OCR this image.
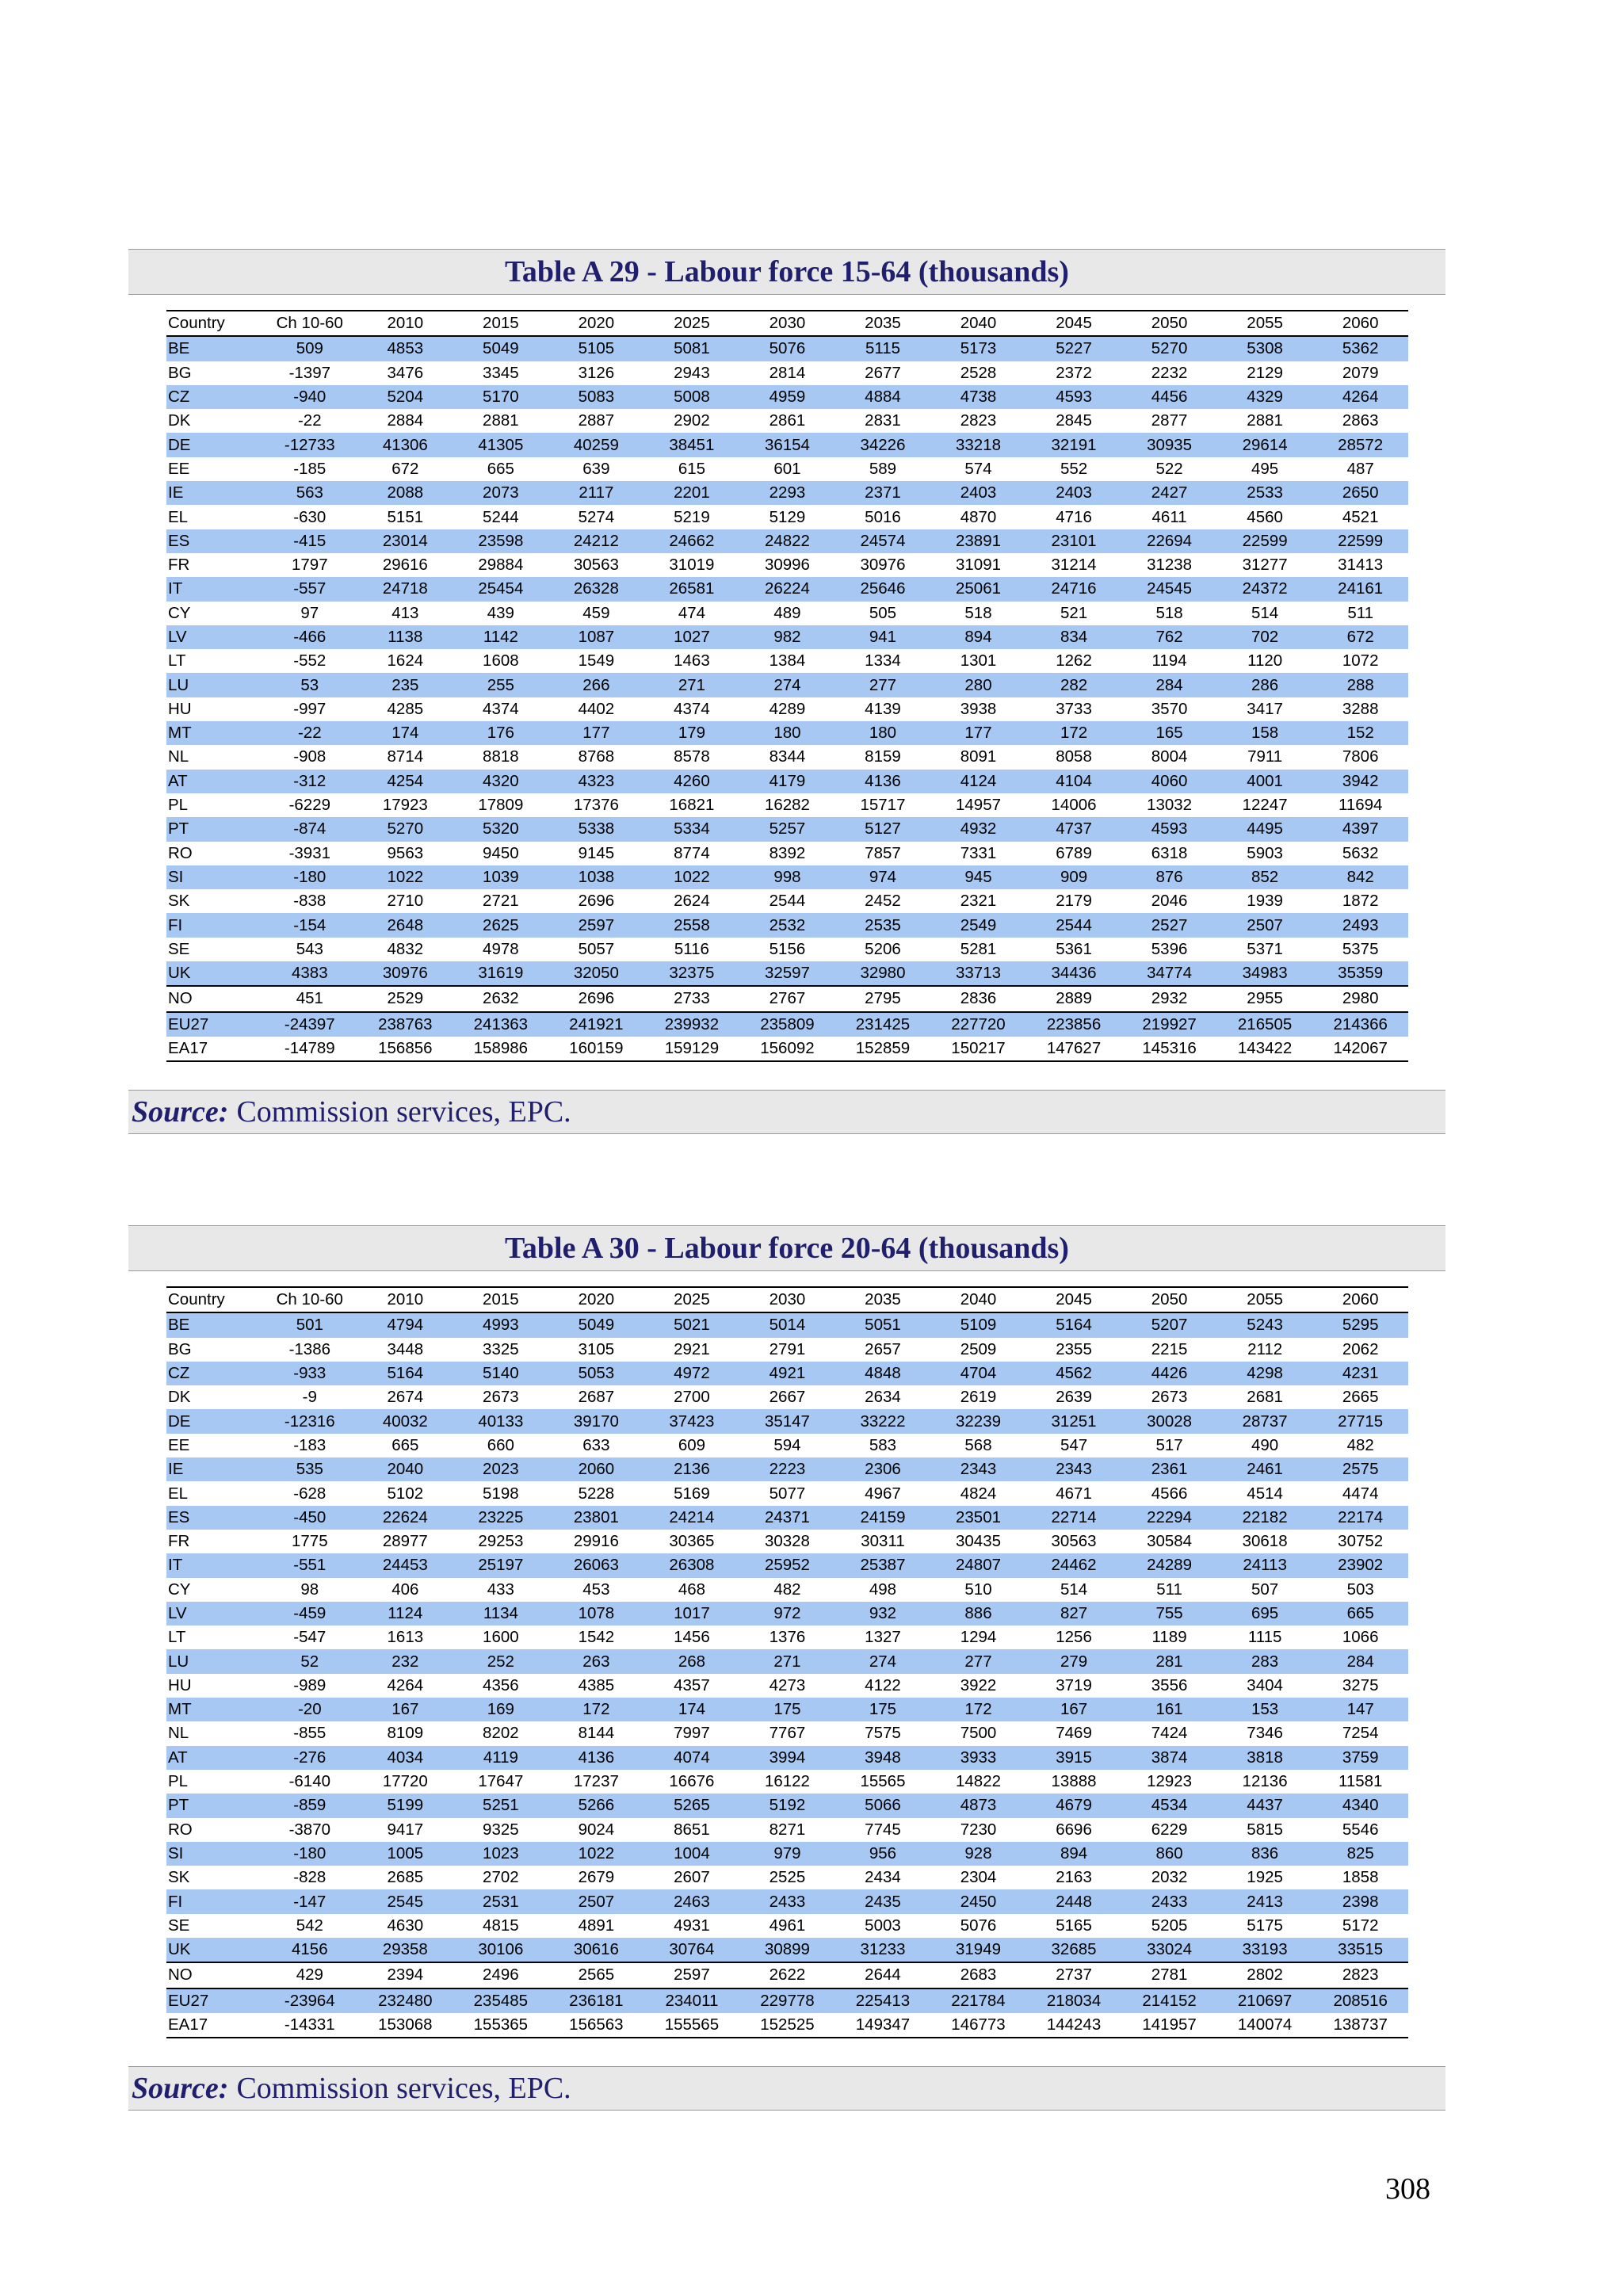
Table A 29 - Labour force 15-64 (thousands)
Country	Ch 10-60	2010	2015	2020	2025	2030	2035	2040	2045	2050	2055	2060
BE	509	4853	5049	5105	5081	5076	5115	5173	5227	5270	5308	5362
BG	-1397	3476	3345	3126	2943	2814	2677	2528	2372	2232	2129	2079
CZ	-940	5204	5170	5083	5008	4959	4884	4738	4593	4456	4329	4264
DK	-22	2884	2881	2887	2902	2861	2831	2823	2845	2877	2881	2863
DE	-12733	41306	41305	40259	38451	36154	34226	33218	32191	30935	29614	28572
EE	-185	672	665	639	615	601	589	574	552	522	495	487
IE	563	2088	2073	2117	2201	2293	2371	2403	2403	2427	2533	2650
EL	-630	5151	5244	5274	5219	5129	5016	4870	4716	4611	4560	4521
ES	-415	23014	23598	24212	24662	24822	24574	23891	23101	22694	22599	22599
FR	1797	29616	29884	30563	31019	30996	30976	31091	31214	31238	31277	31413
IT	-557	24718	25454	26328	26581	26224	25646	25061	24716	24545	24372	24161
CY	97	413	439	459	474	489	505	518	521	518	514	511
LV	-466	1138	1142	1087	1027	982	941	894	834	762	702	672
LT	-552	1624	1608	1549	1463	1384	1334	1301	1262	1194	1120	1072
LU	53	235	255	266	271	274	277	280	282	284	286	288
HU	-997	4285	4374	4402	4374	4289	4139	3938	3733	3570	3417	3288
MT	-22	174	176	177	179	180	180	177	172	165	158	152
NL	-908	8714	8818	8768	8578	8344	8159	8091	8058	8004	7911	7806
AT	-312	4254	4320	4323	4260	4179	4136	4124	4104	4060	4001	3942
PL	-6229	17923	17809	17376	16821	16282	15717	14957	14006	13032	12247	11694
PT	-874	5270	5320	5338	5334	5257	5127	4932	4737	4593	4495	4397
RO	-3931	9563	9450	9145	8774	8392	7857	7331	6789	6318	5903	5632
SI	-180	1022	1039	1038	1022	998	974	945	909	876	852	842
SK	-838	2710	2721	2696	2624	2544	2452	2321	2179	2046	1939	1872
FI	-154	2648	2625	2597	2558	2532	2535	2549	2544	2527	2507	2493
SE	543	4832	4978	5057	5116	5156	5206	5281	5361	5396	5371	5375
UK	4383	30976	31619	32050	32375	32597	32980	33713	34436	34774	34983	35359
NO	451	2529	2632	2696	2733	2767	2795	2836	2889	2932	2955	2980
EU27	-24397	238763	241363	241921	239932	235809	231425	227720	223856	219927	216505	214366
EA17	-14789	156856	158986	160159	159129	156092	152859	150217	147627	145316	143422	142067
Source: Commission services, EPC.
Table A 30 - Labour force 20-64 (thousands)
Country	Ch 10-60	2010	2015	2020	2025	2030	2035	2040	2045	2050	2055	2060
BE	501	4794	4993	5049	5021	5014	5051	5109	5164	5207	5243	5295
BG	-1386	3448	3325	3105	2921	2791	2657	2509	2355	2215	2112	2062
CZ	-933	5164	5140	5053	4972	4921	4848	4704	4562	4426	4298	4231
DK	-9	2674	2673	2687	2700	2667	2634	2619	2639	2673	2681	2665
DE	-12316	40032	40133	39170	37423	35147	33222	32239	31251	30028	28737	27715
EE	-183	665	660	633	609	594	583	568	547	517	490	482
IE	535	2040	2023	2060	2136	2223	2306	2343	2343	2361	2461	2575
EL	-628	5102	5198	5228	5169	5077	4967	4824	4671	4566	4514	4474
ES	-450	22624	23225	23801	24214	24371	24159	23501	22714	22294	22182	22174
FR	1775	28977	29253	29916	30365	30328	30311	30435	30563	30584	30618	30752
IT	-551	24453	25197	26063	26308	25952	25387	24807	24462	24289	24113	23902
CY	98	406	433	453	468	482	498	510	514	511	507	503
LV	-459	1124	1134	1078	1017	972	932	886	827	755	695	665
LT	-547	1613	1600	1542	1456	1376	1327	1294	1256	1189	1115	1066
LU	52	232	252	263	268	271	274	277	279	281	283	284
HU	-989	4264	4356	4385	4357	4273	4122	3922	3719	3556	3404	3275
MT	-20	167	169	172	174	175	175	172	167	161	153	147
NL	-855	8109	8202	8144	7997	7767	7575	7500	7469	7424	7346	7254
AT	-276	4034	4119	4136	4074	3994	3948	3933	3915	3874	3818	3759
PL	-6140	17720	17647	17237	16676	16122	15565	14822	13888	12923	12136	11581
PT	-859	5199	5251	5266	5265	5192	5066	4873	4679	4534	4437	4340
RO	-3870	9417	9325	9024	8651	8271	7745	7230	6696	6229	5815	5546
SI	-180	1005	1023	1022	1004	979	956	928	894	860	836	825
SK	-828	2685	2702	2679	2607	2525	2434	2304	2163	2032	1925	1858
FI	-147	2545	2531	2507	2463	2433	2435	2450	2448	2433	2413	2398
SE	542	4630	4815	4891	4931	4961	5003	5076	5165	5205	5175	5172
UK	4156	29358	30106	30616	30764	30899	31233	31949	32685	33024	33193	33515
NO	429	2394	2496	2565	2597	2622	2644	2683	2737	2781	2802	2823
EU27	-23964	232480	235485	236181	234011	229778	225413	221784	218034	214152	210697	208516
EA17	-14331	153068	155365	156563	155565	152525	149347	146773	144243	141957	140074	138737
Source: Commission services, EPC.
308
